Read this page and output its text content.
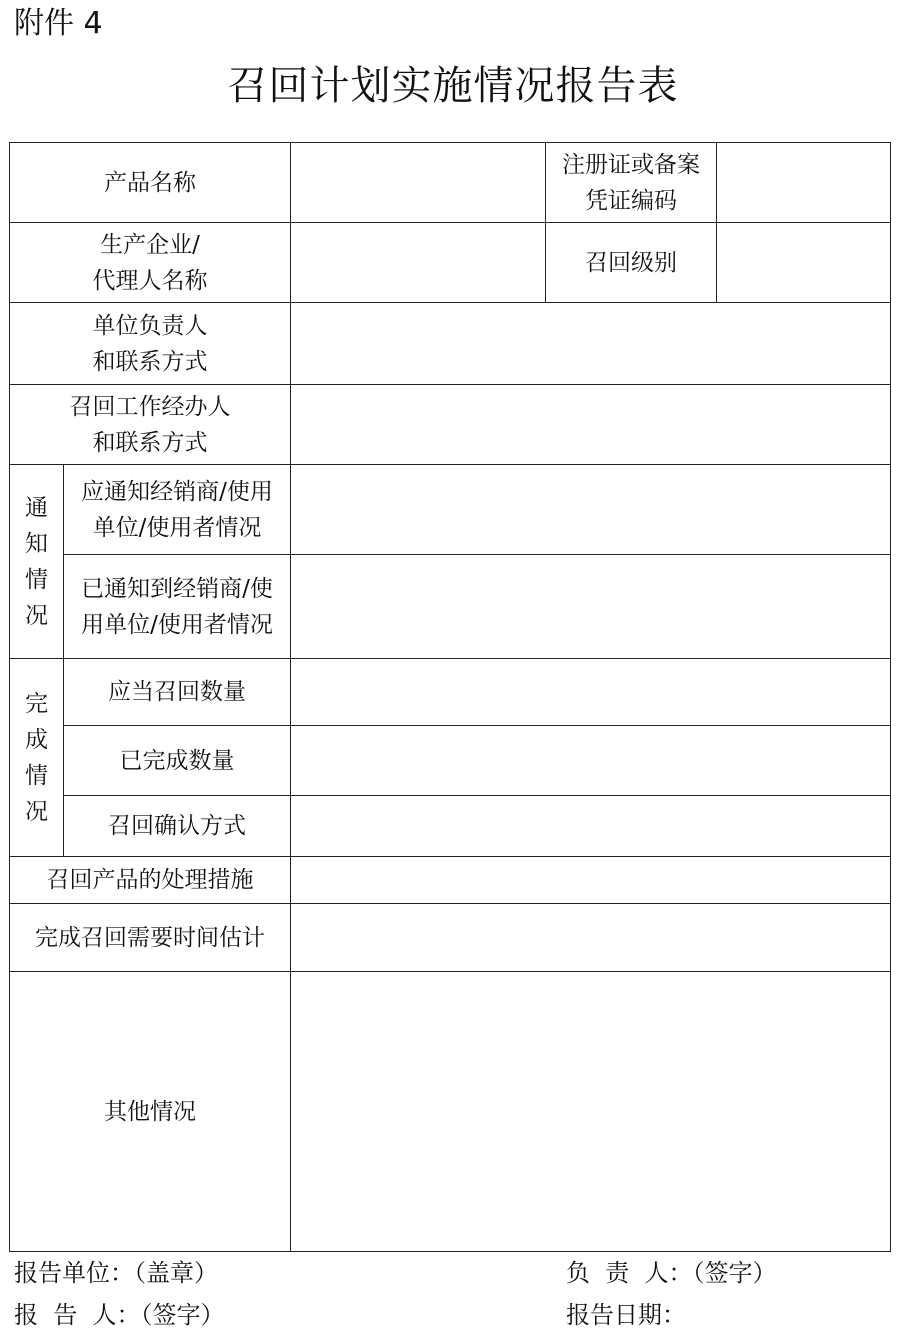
附件 4
召回计划实施情况报告表
产品名称
注册证或备案
凭证编码
生产企业/
代理人名称
召回级别
单位负责人
和联系方式
召回工作经办人
和联系方式
通
知
情
况
应通知经销商/使用
单位/使用者情况
已通知到经销商/使
用单位/使用者情况
完
成
情
况
应当召回数量
已完成数量
召回确认方式
召回产品的处理措施
完成召回需要时间估计
其他情况
报告单位：（盖章）	负  责  人：（签字）
报  告  人：（签字）	报告日期：
